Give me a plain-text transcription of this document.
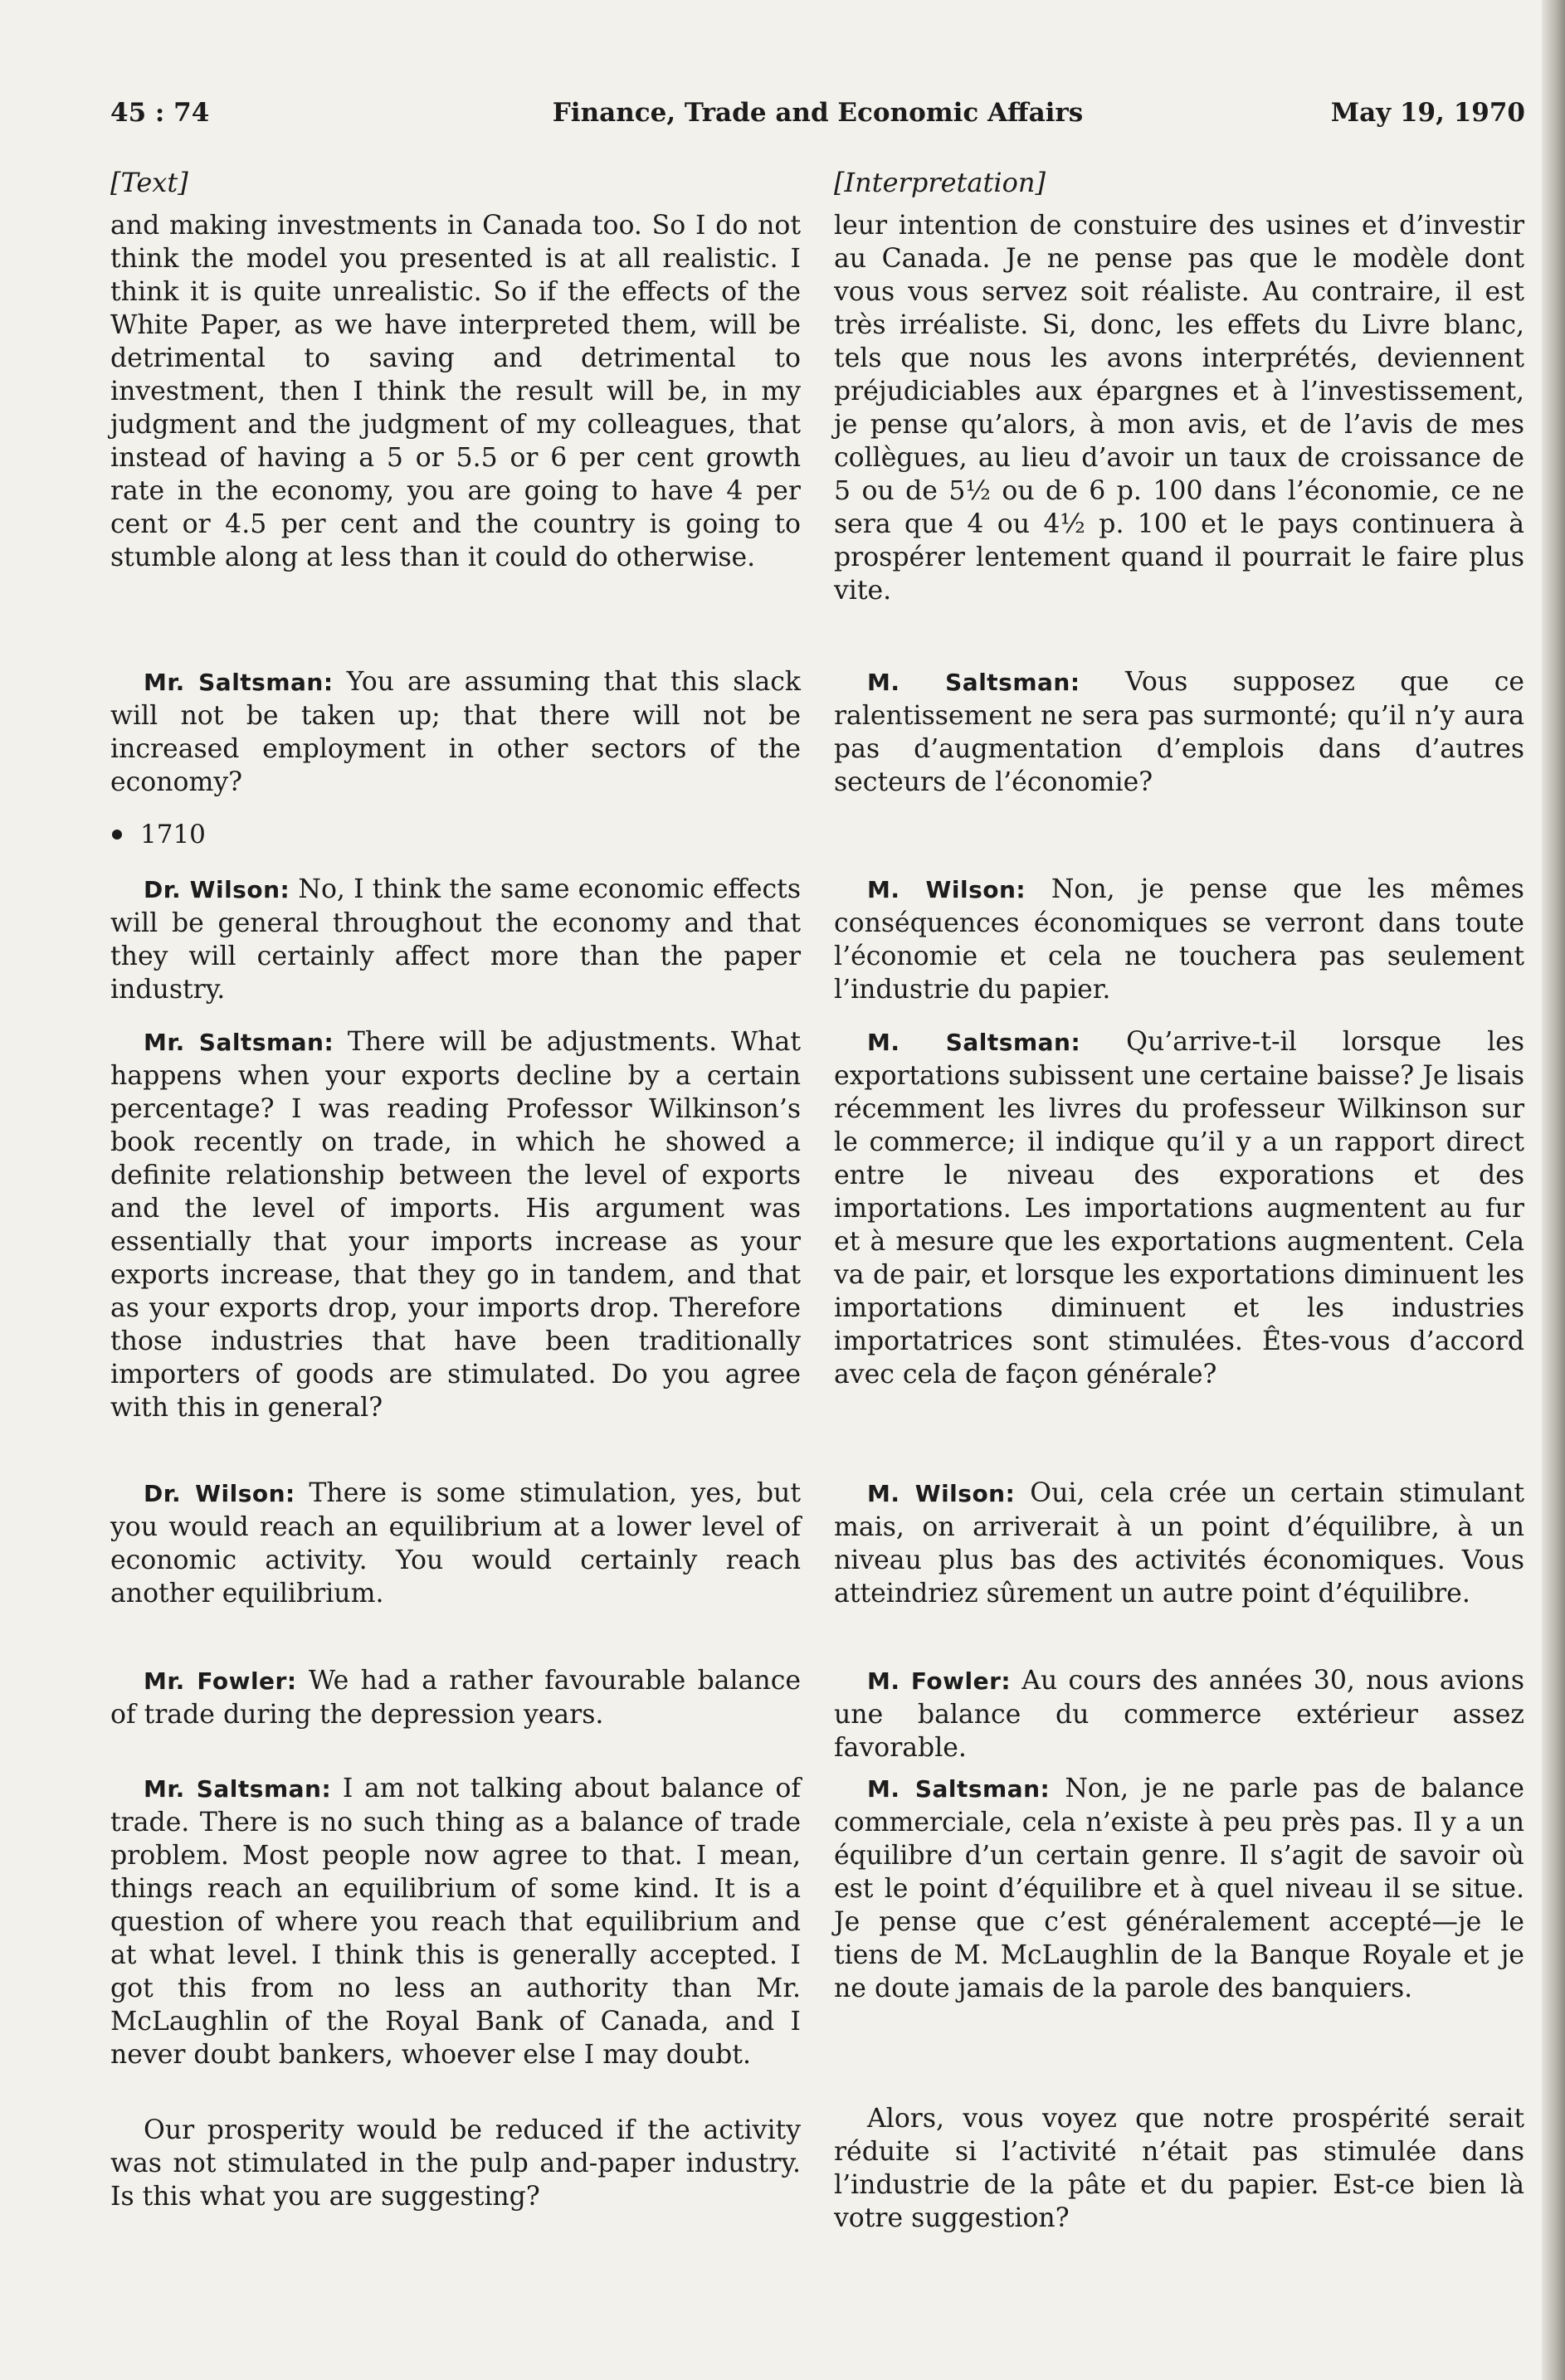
45 : 74	Finance, Trade and Economic Affairs	May 19, 1970
[Text]

and making investments in Canada too. So I do not think the model you presented is at all realistic. I think it is quite unrealistic. So if the effects of the White Paper, as we have interpreted them, will be detrimental to saving and detrimental to investment, then I think the result will be, in my judgment and the judgment of my colleagues, that instead of having a 5 or 5.5 or 6 per cent growth rate in the economy, you are going to have 4 per cent or 4.5 per cent and the country is going to stumble along at less than it could do otherwise.

Mr. Saltsman: You are assuming that this slack will not be taken up; that there will not be increased employment in other sectors of the economy?

1710

Dr. Wilson: No, I think the same economic effects will be general throughout the economy and that they will certainly affect more than the paper industry.

Mr. Saltsman: There will be adjustments. What happens when your exports decline by a certain percentage? I was reading Professor Wilkinson’s book recently on trade, in which he showed a definite relationship between the level of exports and the level of imports. His argument was essentially that your imports increase as your exports increase, that they go in tandem, and that as your exports drop, your imports drop. Therefore those industries that have been traditionally importers of goods are stimulated. Do you agree with this in general?

Dr. Wilson: There is some stimulation, yes, but you would reach an equilibrium at a lower level of economic activity. You would certainly reach another equilibrium.

Mr. Fowler: We had a rather favourable balance of trade during the depression years.

Mr. Saltsman: I am not talking about balance of trade. There is no such thing as a balance of trade problem. Most people now agree to that. I mean, things reach an equilibrium of some kind. It is a question of where you reach that equilibrium and at what level. I think this is generally accepted. I got this from no less an authority than Mr. McLaughlin of the Royal Bank of Canada, and I never doubt bankers, whoever else I may doubt.

Our prosperity would be reduced if the activity was not stimulated in the pulp and-paper industry. Is this what you are suggesting?

[Interpretation]

leur intention de constuire des usines et d’investir au Canada. Je ne pense pas que le modèle dont vous vous servez soit réaliste. Au contraire, il est très irréaliste. Si, donc, les effets du Livre blanc, tels que nous les avons interprétés, deviennent préjudiciables aux épargnes et à l’investissement, je pense qu’alors, à mon avis, et de l’avis de mes collègues, au lieu d’avoir un taux de croissance de 5 ou de 5½ ou de 6 p. 100 dans l’économie, ce ne sera que 4 ou 4½ p. 100 et le pays continuera à prospérer lentement quand il pourrait le faire plus vite.

M. Saltsman: Vous supposez que ce ralentissement ne sera pas surmonté; qu’il n’y aura pas d’augmentation d’emplois dans d’autres secteurs de l’économie?

M. Wilson: Non, je pense que les mêmes conséquences économiques se verront dans toute l’économie et cela ne touchera pas seulement l’industrie du papier.

M. Saltsman: Qu’arrive-t-il lorsque les exportations subissent une certaine baisse? Je lisais récemment les livres du professeur Wilkinson sur le commerce; il indique qu’il y a un rapport direct entre le niveau des exporations et des importations. Les importations augmentent au fur et à mesure que les exportations augmentent. Cela va de pair, et lorsque les exportations diminuent les importations diminuent et les industries importatrices sont stimulées. Êtes-vous d’accord avec cela de façon générale?

M. Wilson: Oui, cela crée un certain stimulant mais, on arriverait à un point d’équilibre, à un niveau plus bas des activités économiques. Vous atteindriez sûrement un autre point d’équilibre.

M. Fowler: Au cours des années 30, nous avions une balance du commerce extérieur assez favorable.

M. Saltsman: Non, je ne parle pas de balance commerciale, cela n’existe à peu près pas. Il y a un équilibre d’un certain genre. Il s’agit de savoir où est le point d’équilibre et à quel niveau il se situe. Je pense que c’est généralement accepté—je le tiens de M. McLaughlin de la Banque Royale et je ne doute jamais de la parole des banquiers.

Alors, vous voyez que notre prospérité serait réduite si l’activité n’était pas stimulée dans l’industrie de la pâte et du papier. Est-ce bien là votre suggestion?
